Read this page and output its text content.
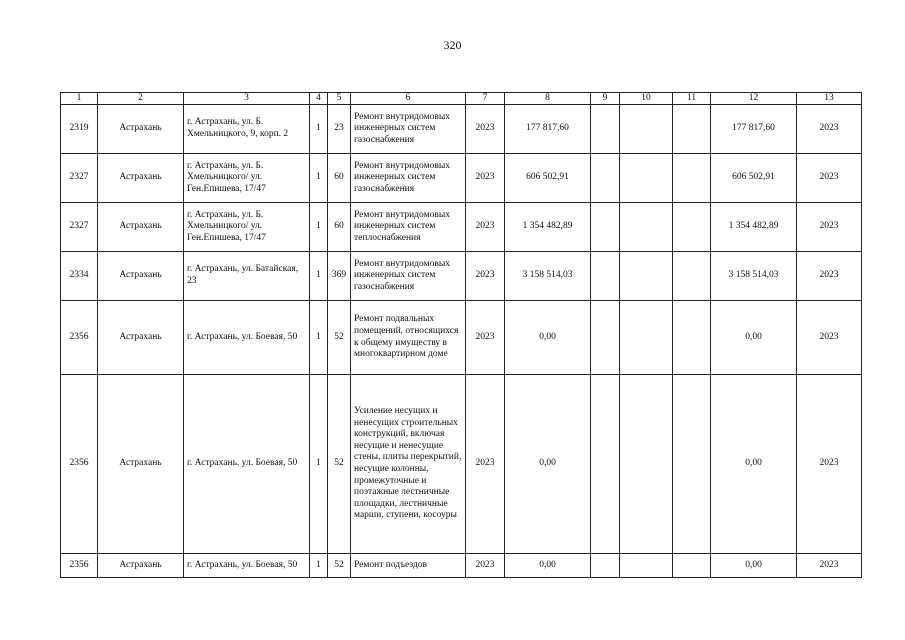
320
1	2	3	4	5	6	7	8	9	10	11	12	13
2319	Астрахань	г. Астрахань, ул. Б. Хмельницкого, 9, корп. 2	1	23	Ремонт внутридомовых инженерных систем газоснабжения	2023	177 817,60				177 817,60	2023
2327	Астрахань	г. Астрахань, ул. Б. Хмельницкого/ ул. Ген.Епишева, 17/47	1	60	Ремонт внутридомовых инженерных систем газоснабжения	2023	606 502,91				606 502,91	2023
2327	Астрахань	г. Астрахань, ул. Б. Хмельницкого/ ул. Ген.Епишева, 17/47	1	60	Ремонт внутридомовых инженерных систем теплоснабжения	2023	1 354 482,89				1 354 482,89	2023
2334	Астрахань	г. Астрахань, ул. Батайская, 23	1	369	Ремонт внутридомовых инженерных систем газоснабжения	2023	3 158 514,03				3 158 514,03	2023
2356	Астрахань	г. Астрахань, ул. Боевая, 50	1	52	Ремонт подвальных помещений, относящихся к общему имуществу в многоквартирном доме	2023	0,00				0,00	2023
2356	Астрахань	г. Астрахань, ул. Боевая, 50	1	52	Усиление несущих и ненесущих строительных конструкций, включая несущие и ненесущие стены, плиты перекрытий, несущие колонны, промежуточные и поэтажные лестничные площадки, лестничные марши, ступени, косоуры	2023	0,00				0,00	2023
2356	Астрахань	г. Астрахань, ул. Боевая, 50	1	52	Ремонт подъездов	2023	0,00				0,00	2023
